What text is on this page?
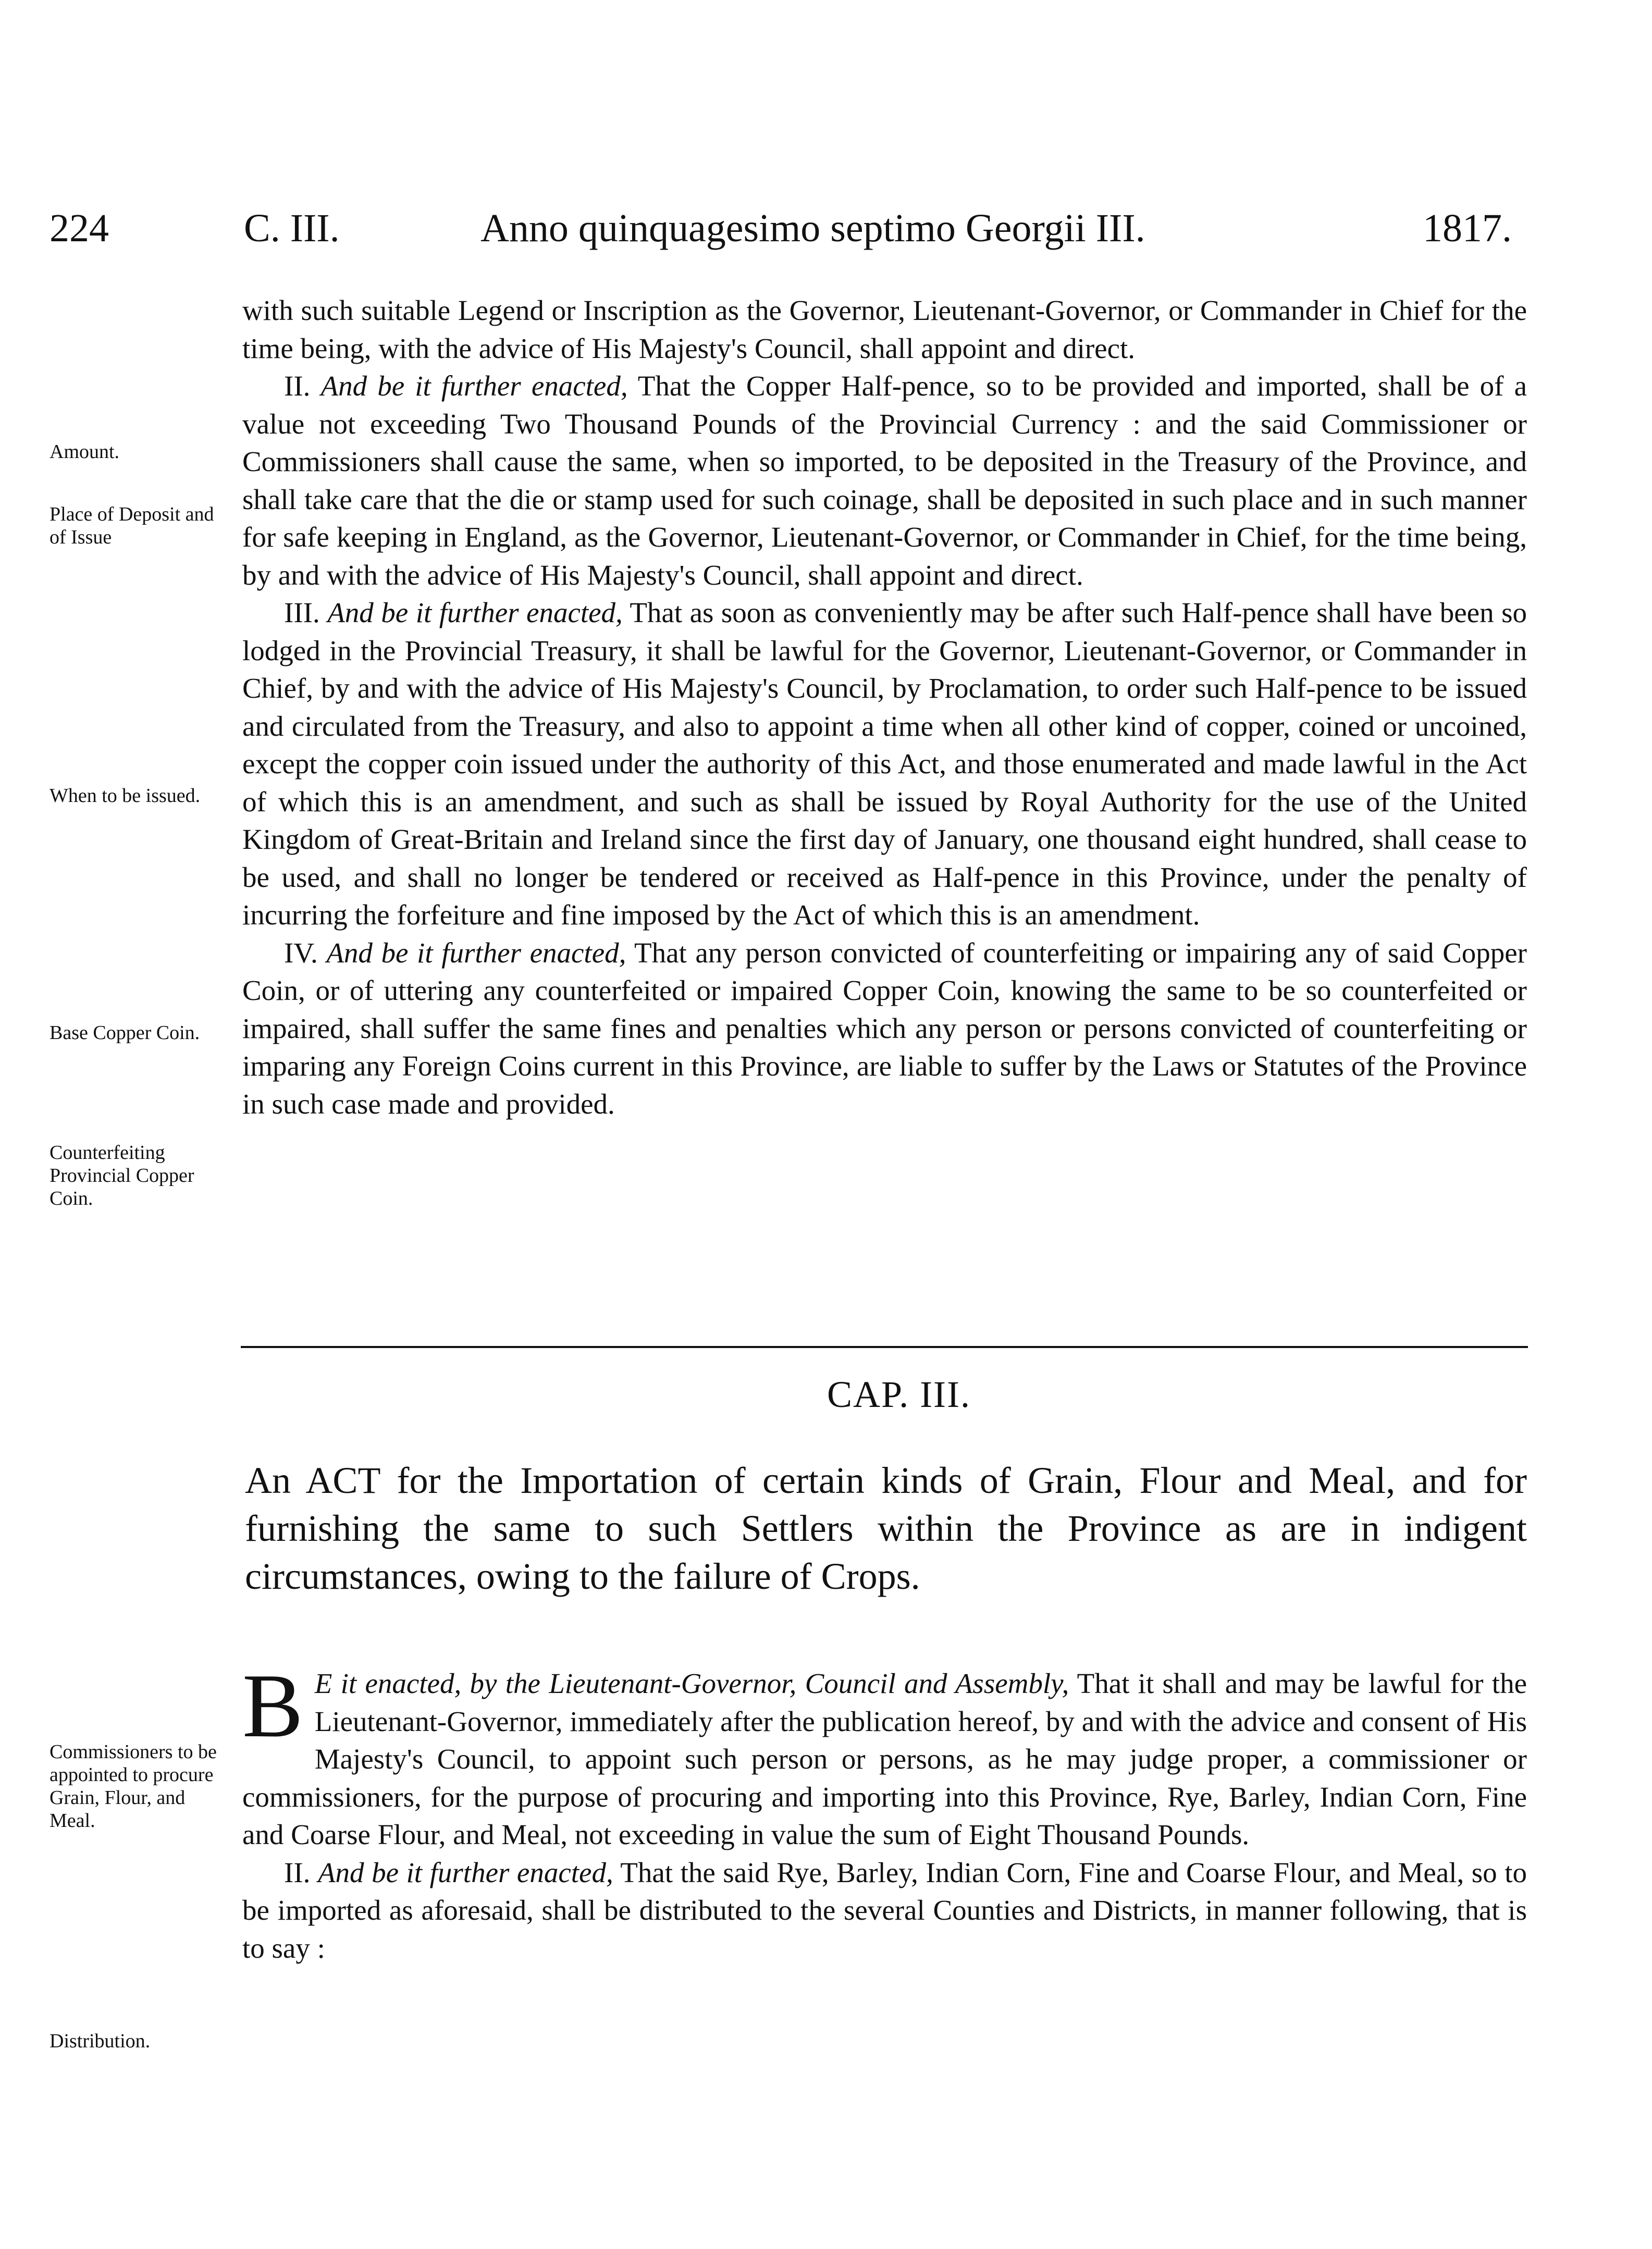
224	C. III.	Anno quinquagesimo septimo Georgii III.	1817.
Amount.
Place of Deposit and of Issue
When to be issued.
Base Copper Coin.
Counterfeiting Provincial Copper Coin.
Commissioners to be appointed to procure Grain, Flour, and Meal.
Distribution.

with such suitable Legend or Inscription as the Governor, Lieutenant-Governor, or Commander in Chief for the time being, with the advice of His Majesty's Council, shall appoint and direct.

II. And be it further enacted, That the Copper Half-pence, so to be provided and imported, shall be of a value not exceeding Two Thousand Pounds of the Provincial Currency : and the said Commissioner or Commissioners shall cause the same, when so imported, to be deposited in the Treasury of the Province, and shall take care that the die or stamp used for such coinage, shall be deposited in such place and in such manner for safe keeping in England, as the Governor, Lieutenant-Governor, or Commander in Chief, for the time being, by and with the advice of His Majesty's Council, shall appoint and direct.

III. And be it further enacted, That as soon as conveniently may be after such Half-pence shall have been so lodged in the Provincial Treasury, it shall be lawful for the Governor, Lieutenant-Governor, or Commander in Chief, by and with the advice of His Majesty's Council, by Proclamation, to order such Half-pence to be issued and circulated from the Treasury, and also to appoint a time when all other kind of copper, coined or uncoined, except the copper coin issued under the authority of this Act, and those enumerated and made lawful in the Act of which this is an amendment, and such as shall be issued by Royal Authority for the use of the United Kingdom of Great-Britain and Ireland since the first day of January, one thousand eight hundred, shall cease to be used, and shall no longer be tendered or received as Half-pence in this Province, under the penalty of incurring the forfeiture and fine imposed by the Act of which this is an amendment.

IV. And be it further enacted, That any person convicted of counterfeiting or impairing any of said Copper Coin, or of uttering any counterfeited or impaired Copper Coin, knowing the same to be so counterfeited or impaired, shall suffer the same fines and penalties which any person or persons convicted of counterfeiting or imparing any Foreign Coins current in this Province, are liable to suffer by the Laws or Statutes of the Province in such case made and provided.

CAP. III.
An ACT for the Importation of certain kinds of Grain, Flour and Meal, and for furnishing the same to such Settlers within the Province as are in indigent circumstances, owing to the failure of Crops.

B E it enacted, by the Lieutenant-Governor, Council and Assembly, That it shall and may be lawful for the Lieutenant-Governor, immediately after the publication hereof, by and with the advice and consent of His Majesty's Council, to appoint such person or persons, as he may judge proper, a commissioner or commissioners, for the purpose of procuring and importing into this Province, Rye, Barley, Indian Corn, Fine and Coarse Flour, and Meal, not exceeding in value the sum of Eight Thousand Pounds.

II. And be it further enacted, That the said Rye, Barley, Indian Corn, Fine and Coarse Flour, and Meal, so to be imported as aforesaid, shall be distributed to the several Counties and Districts, in manner following, that is to say :
